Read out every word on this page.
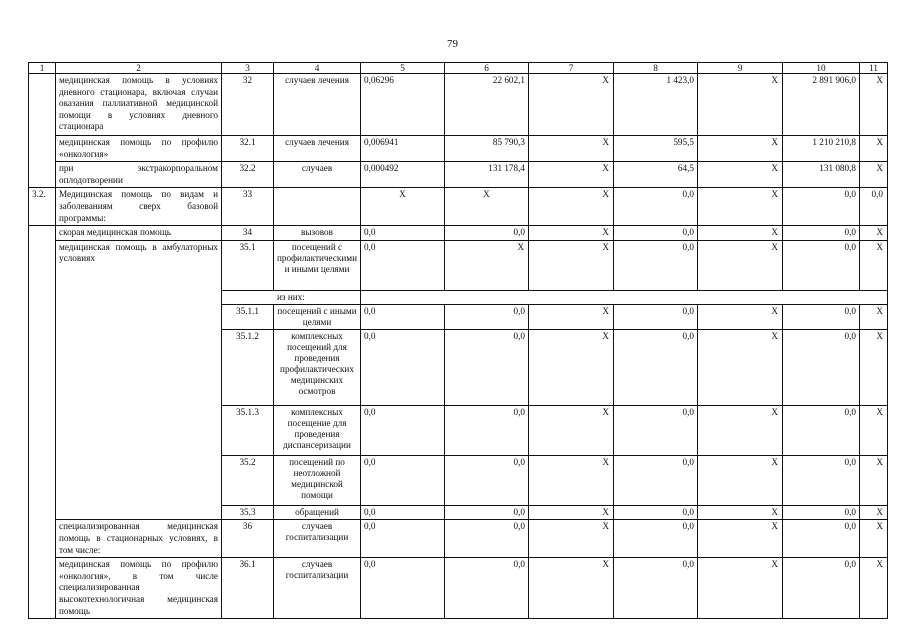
79
1	2	3	4	5	6	7	8	9	10	11
	медицинская помощь в условиях дневного стационара, включая случаи оказания паллиативной медицинской помощи в условиях дневного стационара	32	случаев лечения	0,06296	22 602,1	X	1 423,0	X	2 891 906,0	X
	медицинская помощь по профилю «онкология»	32.1	случаев лечения	0,006941	85 790,3	X	595,5	X	1 210 210,8	X
	при экстракорпоральном оплодотворении	32.2	случаев	0,000492	131 178,4	X	64,5	X	131 080,8	X
3.2.	Медицинская помощь по видам и заболеваниям сверх базовой программы:	33		X	X	X	0,0	X	0,0	0,0
	скорая медицинская помощь	34	вызовов	0,0	0,0	X	0,0	X	0,0	X
	медицинская помощь в амбулаторных условиях	35.1	посещений с профилактическими и иными целями	0,0	X	X	0,0	X	0,0	X
			из них:							
		35.1.1	посещений с иными целями	0,0	0,0	X	0,0	X	0,0	X
		35.1.2	комплексных посещений для проведения профилактических медицинских осмотров	0,0	0,0	X	0,0	X	0,0	X
		35.1.3	комплексных посещение для проведения диспансеризации	0,0	0,0	X	0,0	X	0,0	X
		35.2	посещений по неотложной медицинской помощи	0,0	0,0	X	0,0	X	0,0	X
		35.3	обращений	0,0	0,0	X	0,0	X	0,0	X
	специализированная медицинская помощь в стационарных условиях, в том числе:	36	случаев госпитализации	0,0	0,0	X	0,0	X	0,0	X
	медицинская помощь по профилю «онкология», в том числе специализированная высокотехнологичная медицинская помощь	36.1	случаев госпитализации	0,0	0,0	X	0,0	X	0,0	X
